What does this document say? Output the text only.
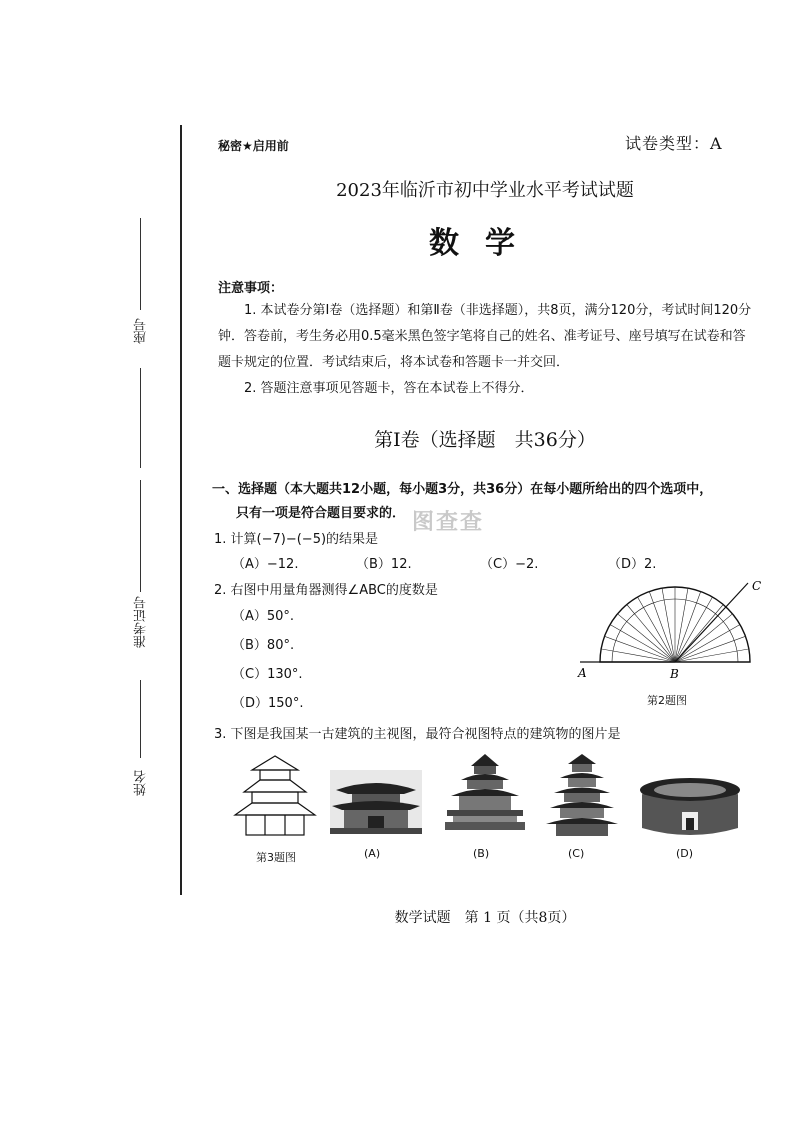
座号
准考证号
姓名
秘密★启用前	试卷类型：A
2023年临沂市初中学业水平考试试题
数学
注意事项：
1. 本试卷分第Ⅰ卷（选择题）和第Ⅱ卷（非选择题），共8页，满分120分，考试时间120分钟．答卷前，考生务必用0.5毫米黑色签字笔将自己的姓名、准考证号、座号填写在试卷和答题卡规定的位置．考试结束后，将本试卷和答题卡一并交回．
2. 答题注意事项见答题卡，答在本试卷上不得分．
第Ⅰ卷（选择题　共36分）
一、选择题（本大题共12小题，每小题3分，共36分）在每小题所给出的四个选项中，
只有一项是符合题目要求的． 图查查
1. 计算(−7)−(−5)的结果是
（A）−12.	（B）12.	（C）−2.	（D）2.
2. 右图中用量角器测得∠ABC的度数是
（A）50°.
（B）80°.
（C）130°.
（D）150°.
A	B
C
第2题图
3. 下图是我国某一古建筑的主视图，最符合视图特点的建筑物的图片是
第3题图	(A)	(B)	(C)	(D)
数学试题　第 1 页（共8页）
